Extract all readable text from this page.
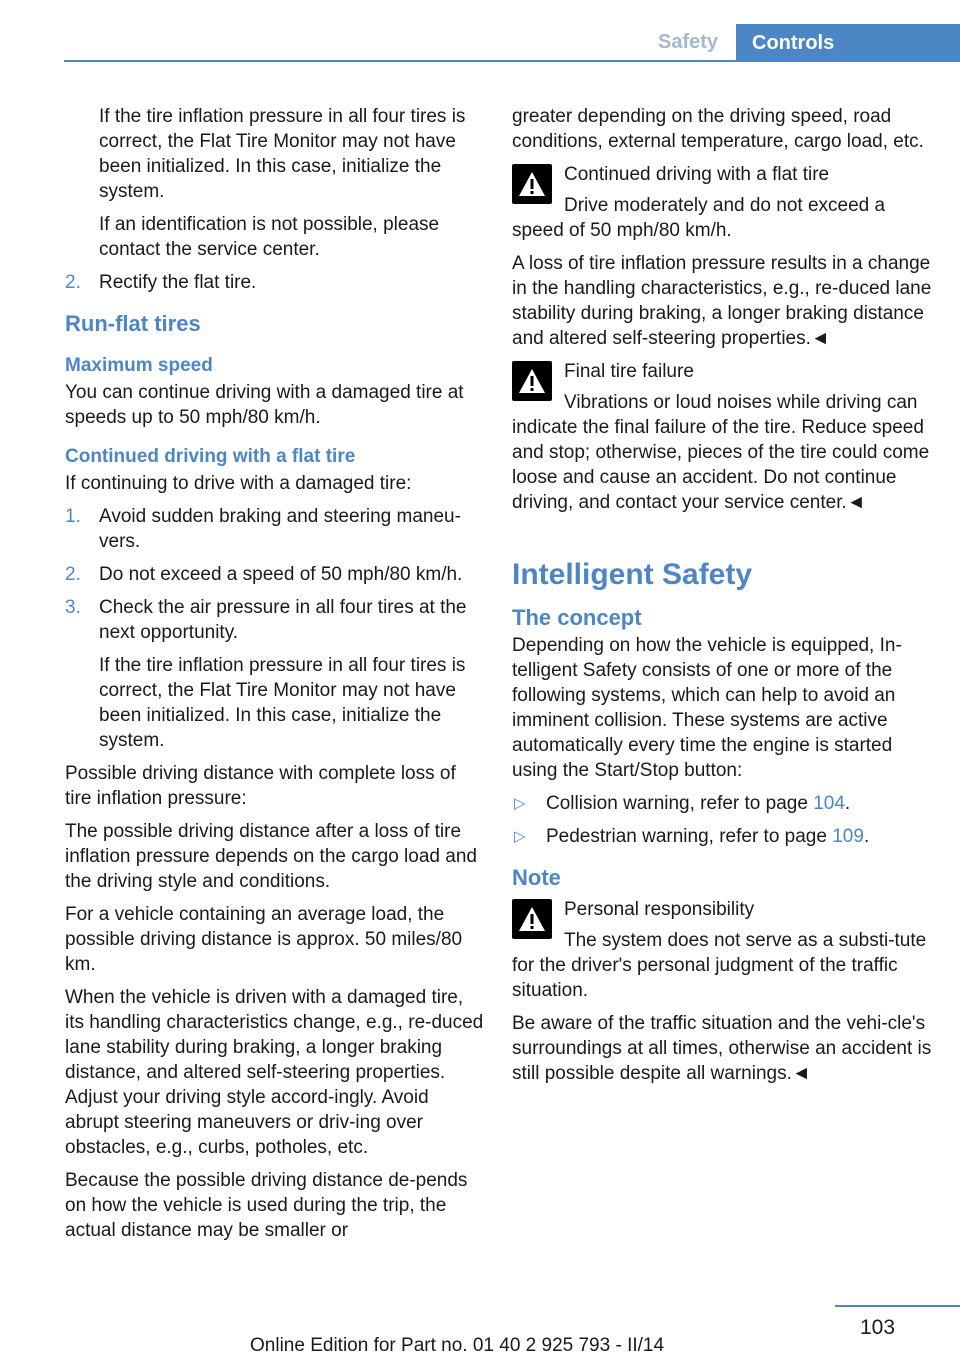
Safety	Controls

If the tire inflation pressure in all four tires is correct, the Flat Tire Monitor may not have been initialized. In this case, initialize the system.

If an identification is not possible, please contact the service center.

2. Rectify the flat tire.
Run-flat tires
Maximum speed

You can continue driving with a damaged tire at speeds up to 50 mph/80 km/h.

Continued driving with a flat tire

If continuing to drive with a damaged tire:

1. Avoid sudden braking and steering maneu‐vers.
2. Do not exceed a speed of 50 mph/80 km/h.
3. Check the air pressure in all four tires at the next opportunity.

If the tire inflation pressure in all four tires is correct, the Flat Tire Monitor may not have been initialized. In this case, initialize the system.

Possible driving distance with complete loss of tire inflation pressure:

The possible driving distance after a loss of tire inflation pressure depends on the cargo load and the driving style and conditions.

For a vehicle containing an average load, the possible driving distance is approx. 50 miles/80 km.

When the vehicle is driven with a damaged tire, its handling characteristics change, e.g., re‐duced lane stability during braking, a longer braking distance, and altered self-steering properties. Adjust your driving style accord‐ingly. Avoid abrupt steering maneuvers or driv‐ing over obstacles, e.g., curbs, potholes, etc.

Because the possible driving distance de‐pends on how the vehicle is used during the trip, the actual distance may be smaller or

greater depending on the driving speed, road conditions, external temperature, cargo load, etc.

Continued driving with a flat tire
Drive moderately and do not exceed a speed of 50 mph/80 km/h.

A loss of tire inflation pressure results in a change in the handling characteristics, e.g., re‐duced lane stability during braking, a longer braking distance and altered self-steering properties.◄

Final tire failure
Vibrations or loud noises while driving can indicate the final failure of the tire. Reduce speed and stop; otherwise, pieces of the tire could come loose and cause an accident. Do not continue driving, and contact your service center.◄
Intelligent Safety
The concept

Depending on how the vehicle is equipped, In‐telligent Safety consists of one or more of the following systems, which can help to avoid an imminent collision. These systems are active automatically every time the engine is started using the Start/Stop button:

▷ Collision warning, refer to page 104.
▷ Pedestrian warning, refer to page 109.
Note
Personal responsibility
The system does not serve as a substi‐tute for the driver's personal judgment of the traffic situation.

Be aware of the traffic situation and the vehi‐cle's surroundings at all times, otherwise an accident is still possible despite all warnings.◄

103
Online Edition for Part no. 01 40 2 925 793 - II/14
